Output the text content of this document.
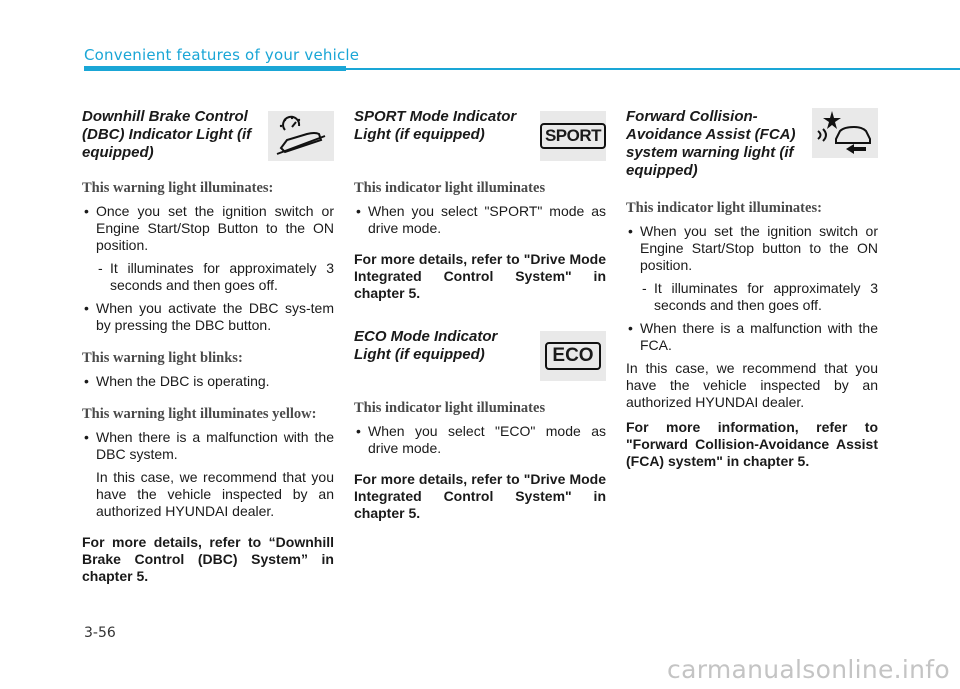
Convenient features of your vehicle
Downhill Brake Control (DBC) Indicator Light (if equipped)
This warning light illuminates:
• Once you set the ignition switch or Engine Start/Stop Button to the ON position.
- It illuminates for approximately 3 seconds and then goes off.
• When you activate the DBC sys-tem by pressing the DBC button.
This warning light blinks:
• When the DBC is operating.
This warning light illuminates yellow:
• When there is a malfunction with the DBC system.
In this case, we recommend that you have the vehicle inspected by an authorized HYUNDAI dealer.
For more details, refer to “Downhill Brake Control (DBC) System” in chapter 5.
SPORT Mode Indicator Light (if equipped)	SPORT
This indicator light illuminates
• When you select "SPORT" mode as drive mode.
For more details, refer to "Drive Mode Integrated Control System" in chapter 5.
ECO Mode Indicator Light (if equipped)	ECO
This indicator light illuminates
• When you select "ECO" mode as drive mode.
For more details, refer to "Drive Mode Integrated Control System" in chapter 5.
Forward Collision-Avoidance Assist (FCA) system warning light (if equipped)
This indicator light illuminates:
• When you set the ignition switch or Engine Start/Stop button to the ON position.
- It illuminates for approximately 3 seconds and then goes off.
• When there is a malfunction with the FCA.
In this case, we recommend that you have the vehicle inspected by an authorized HYUNDAI dealer.
For more information, refer to "Forward Collision-Avoidance Assist (FCA) system" in chapter 5.
3-56
carmanualsonline.info
